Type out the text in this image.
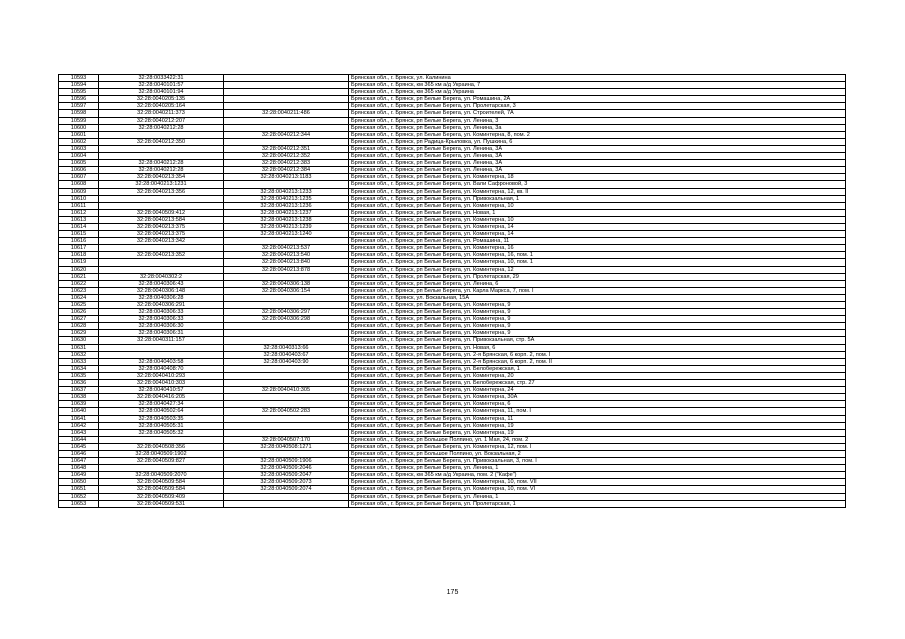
10593	32:28:0033422:31		Брянская обл., г. Брянск, ул. Калинина
10594	32:28:0040101:57		Брянская обл., г. Брянск, км 365 км а/д Украина, 7
10595	32:28:0040101:94		Брянская обл., г. Брянск, км 365 км а/д Украина
10596	32:28:0040205:135		Брянская обл., г. Брянск, рп Белые Берега, ул. Ромашина, 2А
10597	32:28:0040205:164		Брянская обл., г. Брянск, рп Белые Берега, ул. Пролетарская, 3
10598	32:28:0040211:373	32:28:0040211:486	Брянская обл., г. Брянск, рп Белые Берега, ул. Строителей, 7А
10599	32:28:0040212:207		Брянская обл., г. Брянск, рп Белые Берега, ул. Ленина, 3
10600	32:28:0040212:28		Брянская обл., г. Брянск, рп Белые Берега, ул. Ленина, 3а
10601		32:28:0040212:344	Брянская обл., г. Брянск, рп Белые Берега, ул. Коминтерна, 8, пом. 2
10602	32:28:0040212:350		Брянская обл., г. Брянск, рп Радица-Крыловка, ул. Пушкина, 6
10603		32:28:0040212:351	Брянская обл., г. Брянск, рп Белые Берега, ул. Ленина, 3А
10604		32:28:0040212:352	Брянская обл., г. Брянск, рп Белые Берега, ул. Ленина, 3А
10605	32:28:0040212:28	32:28:0040212:383	Брянская обл., г. Брянск, рп Белые Берега, ул. Ленина, 3А
10606	32:28:0040212:28	32:28:0040212:384	Брянская обл., г. Брянск, рп Белые Берега, ул. Ленина, 3А
10607	32:28:0040213:354	32:28:0040213:1183	Брянская обл., г. Брянск, рп Белые Берега, ул. Коминтерна, 18
10608	32:28:0040213:1231		Брянская обл., г. Брянск, рп Белые Берега, ул. Вали Сафроновой, 3
10609	32:28:0040213:356	32:28:0040213:1233	Брянская обл., г. Брянск, рп Белые Берега, ул. Коминтерна, 12, кв. II
10610		32:28:0040213:1235	Брянская обл., г. Брянск, рп Белые Берега, ул. Привокзальная, 1
10611		32:28:0040213:1236	Брянская обл., г. Брянск, рп Белые Берега, ул. Коминтерна, 10
10612	32:28:0040509:412	32:28:0040213:1237	Брянская обл., г. Брянск, рп Белые Берега, ул. Новая, 1
10613	32:28:0040213:584	32:28:0040213:1238	Брянская обл., г. Брянск, рп Белые Берега, ул. Коминтерна, 10
10614	32:28:0040213:375	32:28:0040213:1239	Брянская обл., г. Брянск, рп Белые Берега, ул. Коминтерна, 14
10615	32:28:0040213:375	32:28:0040213:1240	Брянская обл., г. Брянск, рп Белые Берега, ул. Коминтерна, 14
10616	32:28:0040213:342		Брянская обл., г. Брянск, рп Белые Берега, ул. Ромашина, 11
10617		32:28:0040213:537	Брянская обл., г. Брянск, рп Белые Берега, ул. Коминтерна, 16
10618	32:28:0040213:352	32:28:0040213:540	Брянская обл., г. Брянск, рп Белые Берега, ул. Коминтерна, 16, пом. 1
10619		32:28:0040213:840	Брянская обл., г. Брянск, рп Белые Берега, ул. Коминтерна, 10, пом. 1
10620		32:28:0040213:878	Брянская обл., г. Брянск, рп Белые Берега, ул. Коминтерна, 12
10621	32:28:0040302:2		Брянская обл., г. Брянск, рп Белые Берега, ул. Пролетарская, 29
10622	32:28:0040306:43	32:28:0040306:138	Брянская обл., г. Брянск, рп Белые Берега, ул. Ленина, 6
10623	32:28:0040306:148	32:28:0040306:154	Брянская обл., г. Брянск, рп Белые Берега, ул. Карла Маркса, 7, пом. I
10624	32:28:0040306:28		Брянская обл., г. Брянск, ул. Вокзальная, 15А
10625	32:28:0040306:291		Брянская обл., г. Брянск, рп Белые Берега, ул. Коминтерна, 9
10626	32:28:0040306:33	32:28:0040306:297	Брянская обл., г. Брянск, рп Белые Берега, ул. Коминтерна, 9
10627	32:28:0040306:33	32:28:0040306:298	Брянская обл., г. Брянск, рп Белые Берега, ул. Коминтерна, 9
10628	32:28:0040306:30		Брянская обл., г. Брянск, рп Белые Берега, ул. Коминтерна, 9
10629	32:28:0040306:31		Брянская обл., г. Брянск, рп Белые Берега, ул. Коминтерна, 9
10630	32:28:0040311:157		Брянская обл., г. Брянск, рп Белые Берега, ул. Привокзальная, стр. 5А
10631		32:28:0040313:66	Брянская обл., г. Брянск, рп Белые Берега, ул. Новая, 6
10632		32:28:0040403:67	Брянская обл., г. Брянск, рп Белые Берега, ул. 2-я Брянская, 6 корп. 2, пом. I
10633	32:28:0040403:58	32:28:0040403:90	Брянская обл., г. Брянск, рп Белые Берега, ул. 2-я Брянская, 6 корп. 2, пом. II
10634	32:28:0040408:70		Брянская обл., г. Брянск, рп Белые Берега, ул. Белобережская, 1
10635	32:28:0040410:293		Брянская обл., г. Брянск, рп Белые Берега, ул. Коминтерна, 20
10636	32:28:0040410:303		Брянская обл., г. Брянск, рп Белые Берега, ул. Белобережская, стр. 27
10637	32:28:0040410:57	32:28:0040410:305	Брянская обл., г. Брянск, рп Белые Берега, ул. Коминтерна, 24
10638	32:28:0040416:205		Брянская обл., г. Брянск, рп Белые Берега, ул. Коминтерна, 30А
10639	32:28:0040427:34		Брянская обл., г. Брянск, рп Белые Берега, ул. Коминтерна, 6
10640	32:28:0040502:64	32:28:0040502:283	Брянская обл., г. Брянск, рп Белые Берега, ул. Коминтерна, 11, пом. I
10641	32:28:0040503:35		Брянская обл., г. Брянск, рп Белые Берега, ул. Коминтерна, 11
10642	32:28:0040505:31		Брянская обл., г. Брянск, рп Белые Берега, ул. Коминтерна, 19
10643	32:28:0040505:32		Брянская обл., г. Брянск, рп Белые Берега, ул. Коминтерна, 19
10644		32:28:0040507:170	Брянская обл., г. Брянск, рп Большое Полпино, ул. 1 Мая, 24, пом. 2
10645	32:28:0040508:356	32:28:0040508:1271	Брянская обл., г. Брянск, рп Белые Берега, ул. Коминтерна, 12, пом. I
10646	32:28:0040509:1902		Брянская обл., г. Брянск, рп Большое Полпино, ул. Вокзальная, 2
10647	32:28:0040509:827	32:28:0040509:1906	Брянская обл., г. Брянск, рп Белые Берега, ул. Привокзальная, 3, пом. I
10648		32:28:0040509:2046	Брянская обл., г. Брянск, рп Белые Берега, ул. Ленина, 1
10649	32:28:0040509:2070	32:28:0040509:2047	Брянская обл., г. Брянск, км 365 км а/д Украина, пом. 2 ("Кафе")
10650	32:28:0040509:584	32:28:0040509:2073	Брянская обл., г. Брянск, рп Белые Берега, ул. Коминтерна, 10, пом. VII
10651	32:28:0040509:584	32:28:0040509:2074	Брянская обл., г. Брянск, рп Белые Берега, ул. Коминтерна, 10, пом. VI
10652	32:28:0040509:409		Брянская обл., г. Брянск, рп Белые Берега, ул. Ленина, 1
10653	32:28:0040509:531		Брянская обл., г. Брянск, рп Белые Берега, ул. Пролетарская, 1
175
